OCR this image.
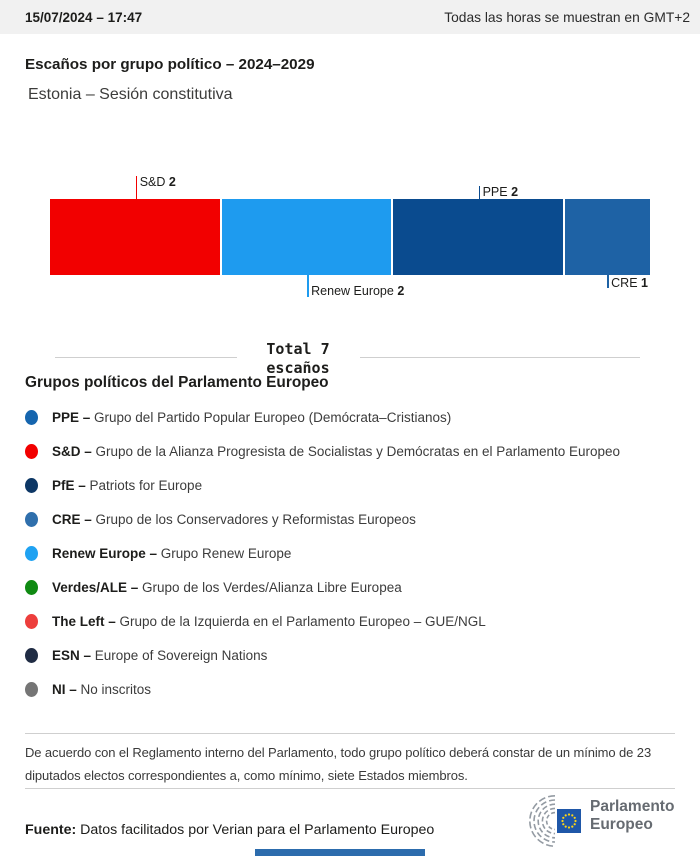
15/07/2024 – 17:47	Todas las horas se muestran en GMT+2
Escaños por grupo político – 2024–2029
Estonia – Sesión constitutiva
S&D 2
Renew Europe 2
PPE 2
CRE 1
Total 7
escaños
Grupos políticos del Parlamento Europeo
PPE – Grupo del Partido Popular Europeo (Demócrata–Cristianos)
S&D – Grupo de la Alianza Progresista de Socialistas y Demócratas en el Parlamento Europeo
PfE – Patriots for Europe
CRE – Grupo de los Conservadores y Reformistas Europeos
Renew Europe – Grupo Renew Europe
Verdes/ALE – Grupo de los Verdes/Alianza Libre Europea
The Left – Grupo de la Izquierda en el Parlamento Europeo – GUE/NGL
ESN – Europe of Sovereign Nations
NI – No inscritos
De acuerdo con el Reglamento interno del Parlamento, todo grupo político deberá constar de un mínimo de 23 diputados electos correspondientes a, como mínimo, siete Estados miembros.
Fuente: Datos facilitados por Verian para el Parlamento Europeo
Parlamento
Europeo
